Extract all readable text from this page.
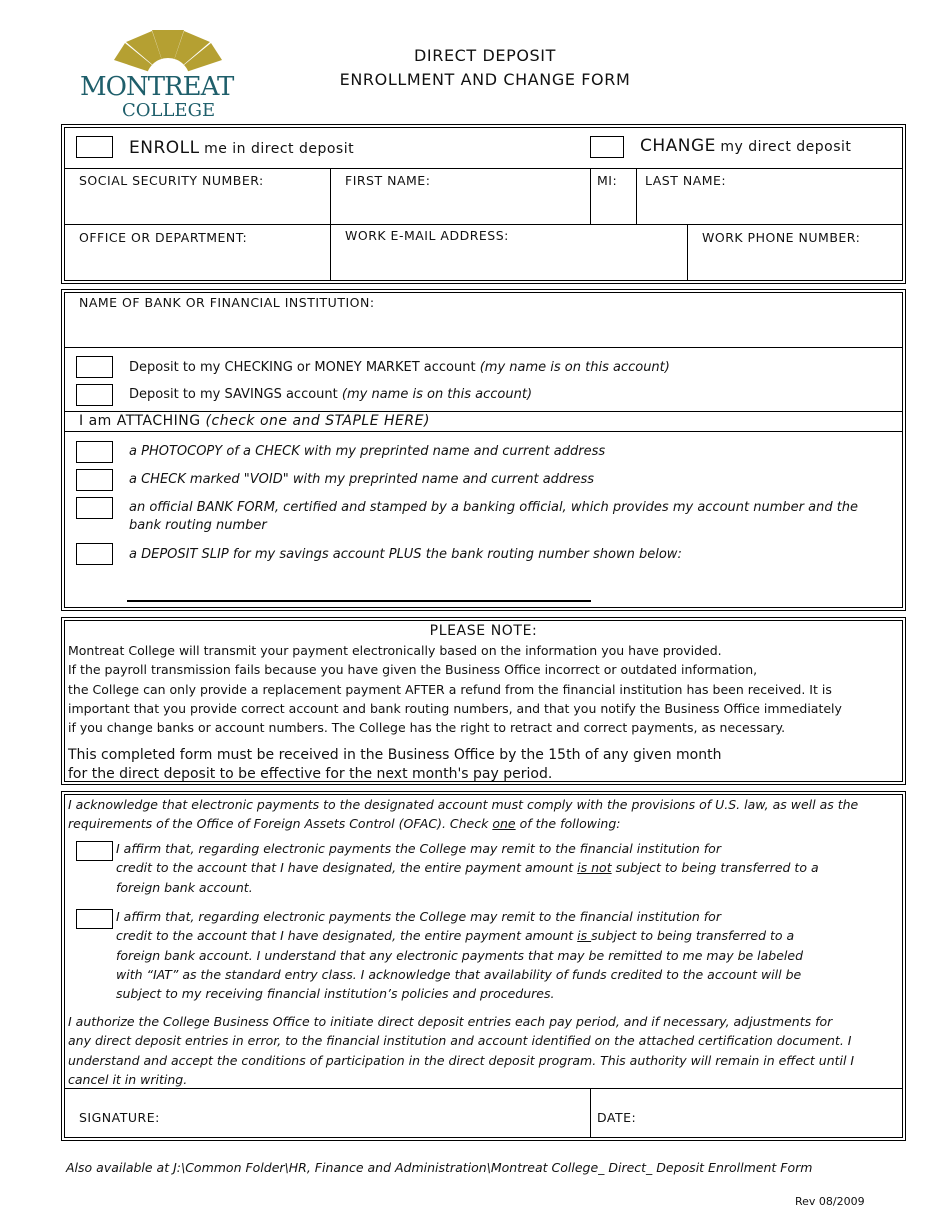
MONTREAT
COLLEGE
DIRECT DEPOSIT
ENROLLMENT AND CHANGE FORM
ENROLL me in direct deposit	CHANGE my direct deposit
SOCIAL SECURITY NUMBER:	FIRST NAME:	MI: LAST NAME:
OFFICE OR DEPARTMENT:	WORK E-MAIL ADDRESS:	WORK PHONE NUMBER:
NAME OF BANK OR FINANCIAL INSTITUTION:
Deposit to my CHECKING or MONEY MARKET account (my name is on this account)
Deposit to my SAVINGS account (my name is on this account)
I am ATTACHING (check one and STAPLE HERE)
a PHOTOCOPY of a CHECK with my preprinted name and current address
a CHECK marked "VOID" with my preprinted name and current address
an official BANK FORM, certified and stamped by a banking official, which provides my account number and the
bank routing number
a DEPOSIT SLIP for my savings account PLUS the bank routing number shown below:
PLEASE NOTE:
Montreat College will transmit your payment electronically based on the information you have provided.
If the payroll transmission fails because you have given the Business Office incorrect or outdated information,
the College can only provide a replacement payment AFTER a refund from the financial institution has been received. It is
important that you provide correct account and bank routing numbers, and that you notify the Business Office immediately
if you change banks or account numbers. The College has the right to retract and correct payments, as necessary.
This completed form must be received in the Business Office by the 15th of any given month
for the direct deposit to be effective for the next month's pay period.
I acknowledge that electronic payments to the designated account must comply with the provisions of U.S. law, as well as the
requirements of the Office of Foreign Assets Control (OFAC). Check one of the following:
I affirm that, regarding electronic payments the College may remit to the financial institution for
credit to the account that I have designated, the entire payment amount is not subject to being transferred to a
foreign bank account.
I affirm that, regarding electronic payments the College may remit to the financial institution for
credit to the account that I have designated, the entire payment amount is subject to being transferred to a
foreign bank account. I understand that any electronic payments that may be remitted to me may be labeled
with “IAT” as the standard entry class. I acknowledge that availability of funds credited to the account will be
subject to my receiving financial institution’s policies and procedures.
I authorize the College Business Office to initiate direct deposit entries each pay period, and if necessary, adjustments for
any direct deposit entries in error, to the financial institution and account identified on the attached certification document. I
understand and accept the conditions of participation in the direct deposit program. This authority will remain in effect until I
cancel it in writing.
SIGNATURE:	DATE:
Also available at J:\Common Folder\HR, Finance and Administration\Montreat College_ Direct_ Deposit Enrollment Form
Rev 08/2009
